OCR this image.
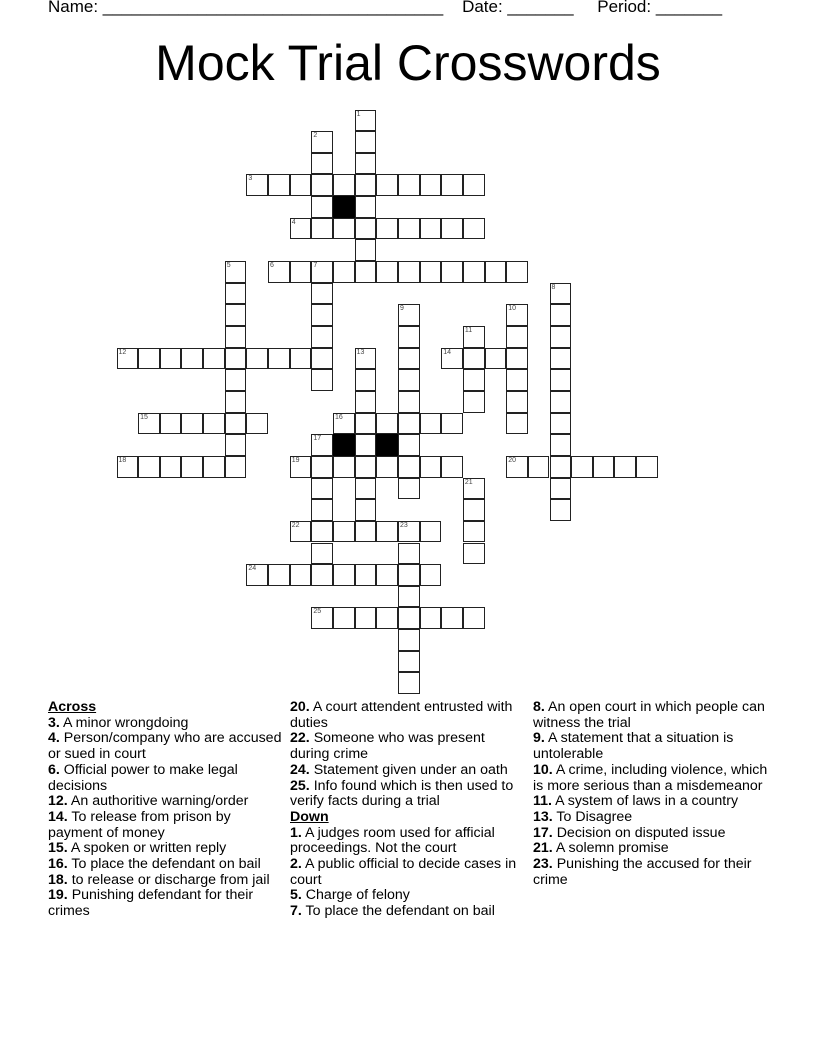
Name: ____________________________________ Date: _______ Period: _______
Mock Trial Crosswords
1
2
3
4
5	6	7
8
9	10
11
12	13	14
15	16
17
18	19	20
21
22	23
24
25
Across
3. A minor wrongdoing
4. Person/company who are accused or sued in court
6. Official power to make legal decisions
12. An authoritive warning/order
14. To release from prison by payment of money
15. A spoken or written reply
16. To place the defendant on bail
18. to release or discharge from jail
19. Punishing defendant for their crimes
20. A court attendent entrusted with duties
22. Someone who was present during crime
24. Statement given under an oath
25. Info found which is then used to verify facts during a trial
Down
1. A judges room used for afficial proceedings. Not the court
2. A public official to decide cases in court
5. Charge of felony
7. To place the defendant on bail
8. An open court in which people can witness the trial
9. A statement that a situation is untolerable
10. A crime, including violence, which is more serious than a misdemeanor
11. A system of laws in a country
13. To Disagree
17. Decision on disputed issue
21. A solemn promise
23. Punishing the accused for their crime
